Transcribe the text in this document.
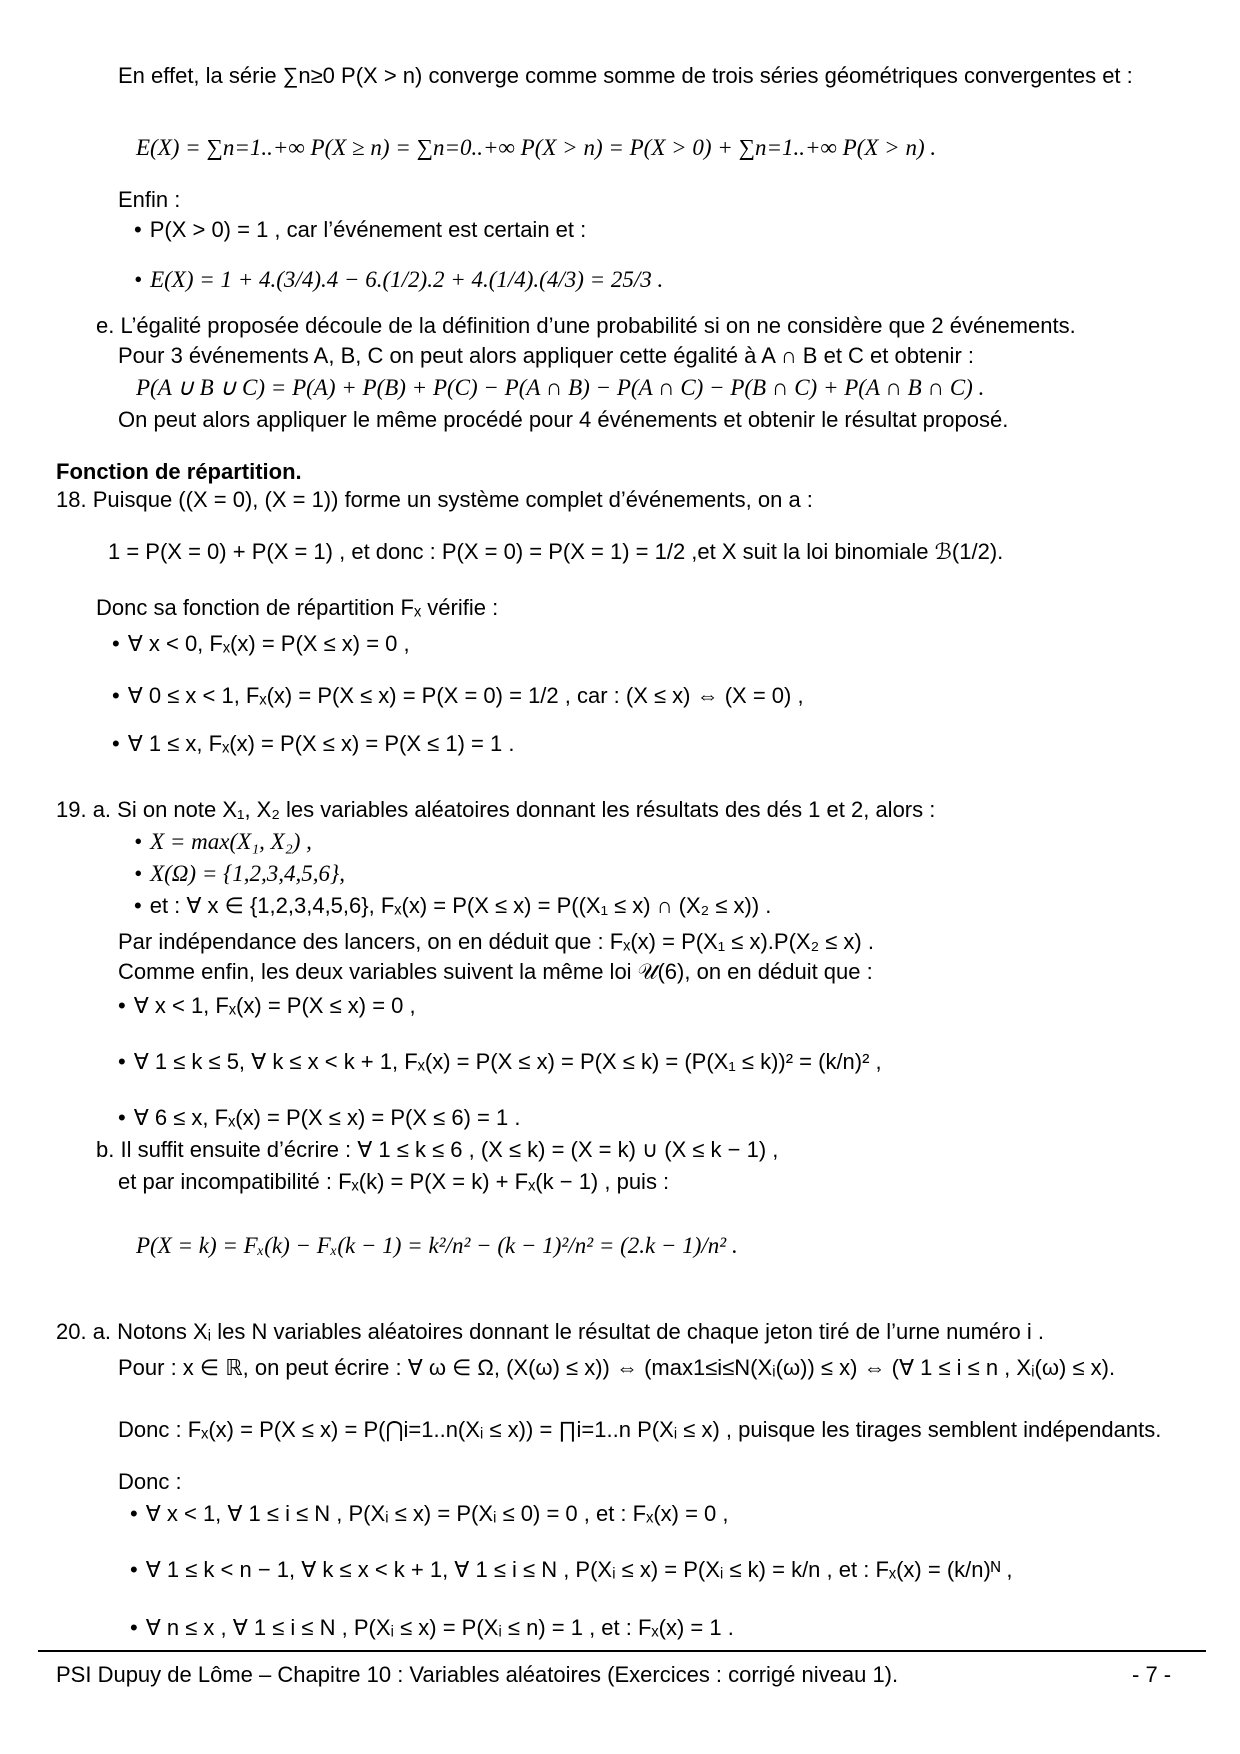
En effet, la série ∑n≥0 P(X > n) converge comme somme de trois séries géométriques convergentes et :
E(X) = ∑n=1..+∞ P(X ≥ n) = ∑n=0..+∞ P(X > n) = P(X > 0) + ∑n=1..+∞ P(X > n) .
Enfin :
• P(X > 0) = 1 , car l’événement est certain et :
• E(X) = 1 + 4.(3/4).4 − 6.(1/2).2 + 4.(1/4).(4/3) = 25/3 .
e. L’égalité proposée découle de la définition d’une probabilité si on ne considère que 2 événements.
Pour 3 événements A, B, C on peut alors appliquer cette égalité à A ∩ B et C et obtenir :
P(A ∪ B ∪ C) = P(A) + P(B) + P(C) − P(A ∩ B) − P(A ∩ C) − P(B ∩ C) + P(A ∩ B ∩ C) .
On peut alors appliquer le même procédé pour 4 événements et obtenir le résultat proposé.
Fonction de répartition.
18. Puisque ((X = 0), (X = 1)) forme un système complet d’événements, on a :
1 = P(X = 0) + P(X = 1) , et donc : P(X = 0) = P(X = 1) = 1/2 ,et X suit la loi binomiale ℬ(1/2).
Donc sa fonction de répartition Fₓ vérifie :
• ∀ x < 0, Fₓ(x) = P(X ≤ x) = 0 ,
• ∀ 0 ≤ x < 1, Fₓ(x) = P(X ≤ x) = P(X = 0) = 1/2 , car : (X ≤ x) ⇔ (X = 0) ,
• ∀ 1 ≤ x, Fₓ(x) = P(X ≤ x) = P(X ≤ 1) = 1 .
19. a. Si on note X₁, X₂ les variables aléatoires donnant les résultats des dés 1 et 2, alors :
• X = max(X₁, X₂) ,
• X(Ω) = {1,2,3,4,5,6},
• et : ∀ x ∈ {1,2,3,4,5,6}, Fₓ(x) = P(X ≤ x) = P((X₁ ≤ x) ∩ (X₂ ≤ x)) .
Par indépendance des lancers, on en déduit que : Fₓ(x) = P(X₁ ≤ x).P(X₂ ≤ x) .
Comme enfin, les deux variables suivent la même loi 𝒰(6), on en déduit que :
• ∀ x < 1, Fₓ(x) = P(X ≤ x) = 0 ,
• ∀ 1 ≤ k ≤ 5, ∀ k ≤ x < k + 1, Fₓ(x) = P(X ≤ x) = P(X ≤ k) = (P(X₁ ≤ k))² = (k/n)² ,
• ∀ 6 ≤ x, Fₓ(x) = P(X ≤ x) = P(X ≤ 6) = 1 .
b. Il suffit ensuite d’écrire : ∀ 1 ≤ k ≤ 6 , (X ≤ k) = (X = k) ∪ (X ≤ k − 1) ,
et par incompatibilité : Fₓ(k) = P(X = k) + Fₓ(k − 1) , puis :
P(X = k) = Fₓ(k) − Fₓ(k − 1) = k²/n² − (k − 1)²/n² = (2.k − 1)/n² .
20. a. Notons Xᵢ les N variables aléatoires donnant le résultat de chaque jeton tiré de l’urne numéro i .
Pour : x ∈ ℝ, on peut écrire : ∀ ω ∈ Ω, (X(ω) ≤ x)) ⇔ (max1≤i≤N(Xᵢ(ω)) ≤ x) ⇔ (∀ 1 ≤ i ≤ n , Xᵢ(ω) ≤ x).
Donc : Fₓ(x) = P(X ≤ x) = P(⋂i=1..n(Xᵢ ≤ x)) = ∏i=1..n P(Xᵢ ≤ x) , puisque les tirages semblent indépendants.
Donc :
• ∀ x < 1, ∀ 1 ≤ i ≤ N , P(Xᵢ ≤ x) = P(Xᵢ ≤ 0) = 0 , et : Fₓ(x) = 0 ,
• ∀ 1 ≤ k < n − 1, ∀ k ≤ x < k + 1, ∀ 1 ≤ i ≤ N , P(Xᵢ ≤ x) = P(Xᵢ ≤ k) = k/n , et : Fₓ(x) = (k/n)ᴺ ,
• ∀ n ≤ x , ∀ 1 ≤ i ≤ N , P(Xᵢ ≤ x) = P(Xᵢ ≤ n) = 1 , et : Fₓ(x) = 1 .
PSI Dupuy de Lôme – Chapitre 10 : Variables aléatoires (Exercices : corrigé niveau 1).	- 7 -
